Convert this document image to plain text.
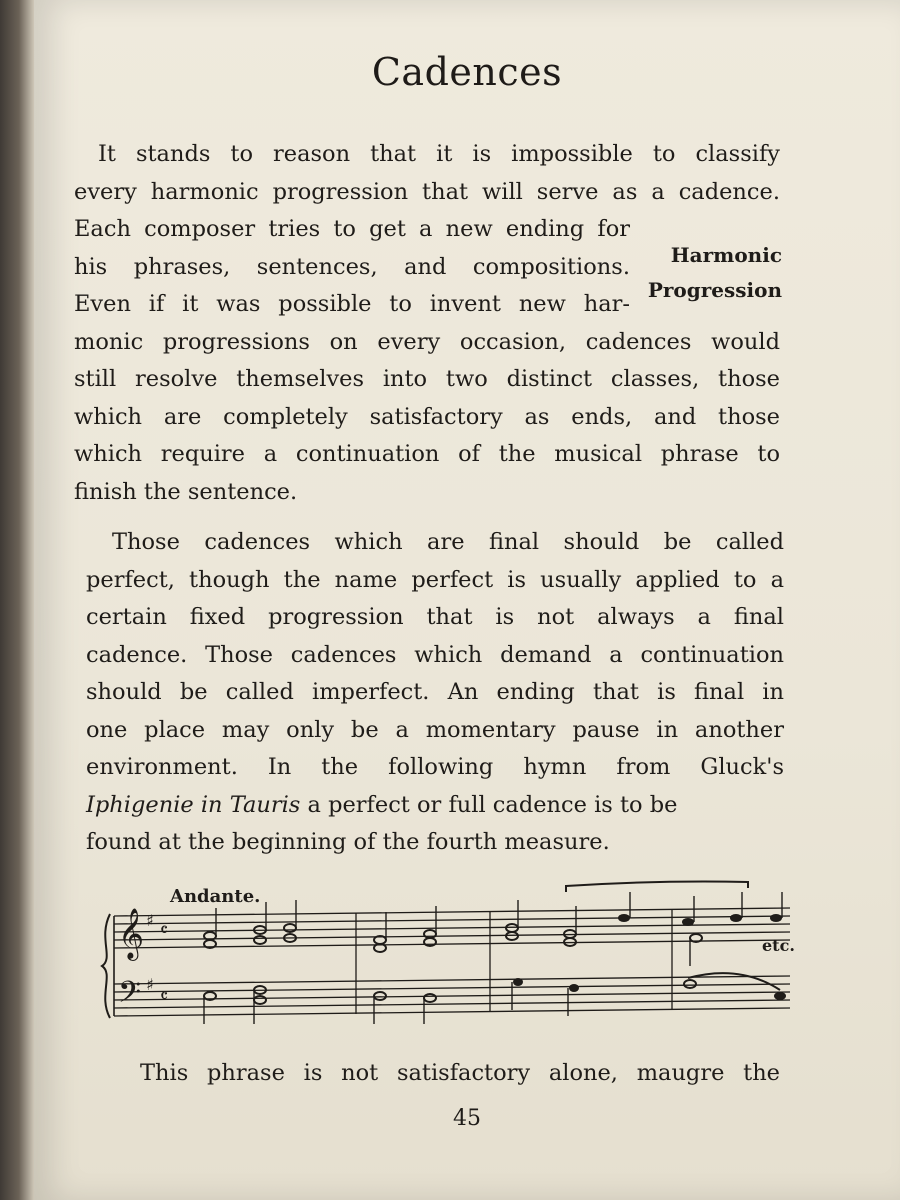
Cadences
It stands to reason that it is impossible to classify
every harmonic progression that will serve as a cadence.
Each composer tries to get a new ending for
his phrases, sentences, and compositions.
Even if it was possible to invent new har-
monic progressions on every occasion, cadences would
still resolve themselves into two distinct classes, those
which are completely satisfactory as ends, and those
which require a continuation of the musical phrase to
finish the sentence.
Harmonic
Progression
Those cadences which are final should be called
perfect, though the name perfect is usually applied to a
certain fixed progression that is not always a final
cadence. Those cadences which demand a continuation
should be called imperfect. An ending that is final in
one place may only be a momentary pause in another
environment. In the following hymn from Gluck's
Iphigenie in Tauris a perfect or full cadence is to be
found at the beginning of the fourth measure.
Andante.
etc.
𝄞
𝄢
♯
♯
𝄴
𝄴
This phrase is not satisfactory alone, maugre the
45
